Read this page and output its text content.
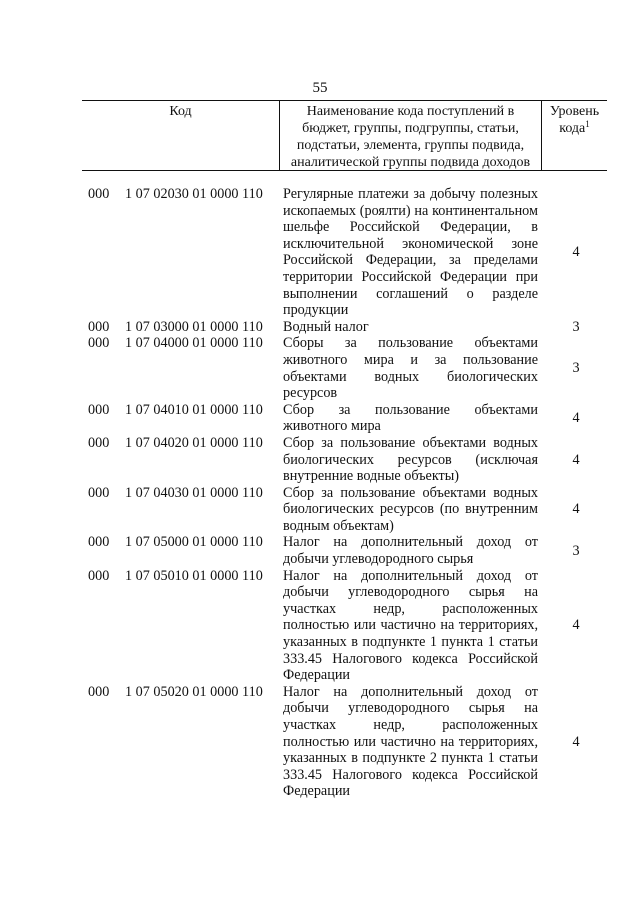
55
Код	Наименование кода поступлений в бюджет, группы, подгруппы, статьи, подстатьи, элемента, группы подвида, аналитической группы подвида доходов
Уровень кода$^1$
000 1 07 02030 01 0000 110 Регулярные платежи за добычу полезных ископаемых (роялти) на континентальном шельфе Российской Федерации, в исключительной экономической зоне Российской Федерации, за пределами территории Российской Федерации при выполнении соглашений о разделе продукции
4
000 1 07 03000 01 0000 110 Водный налог	3
000 1 07 04000 01 0000 110 Сборы за пользование объектами животного мира и за пользование объектами водных биологических ресурсов
3
000 1 07 04010 01 0000 110 Сбор за пользование объектами животного мира
4
000 1 07 04020 01 0000 110 Сбор за пользование объектами водных биологических ресурсов (исключая внутренние водные объекты)
4
000 1 07 04030 01 0000 110 Сбор за пользование объектами водных биологических ресурсов (по внутренним водным объектам)
4
000 1 07 05000 01 0000 110 Налог на дополнительный доход от добычи углеводородного сырья
3
000 1 07 05010 01 0000 110 Налог на дополнительный доход от добычи углеводородного сырья на участках недр, расположенных полностью или частично на территориях, указанных в подпункте 1 пункта 1 статьи 333.45 Налогового кодекса Российской Федерации
4
000 1 07 05020 01 0000 110 Налог на дополнительный доход от добычи углеводородного сырья на участках недр, расположенных полностью или частично на территориях, указанных в подпункте 2 пункта 1 статьи 333.45 Налогового кодекса Российской Федерации
4
